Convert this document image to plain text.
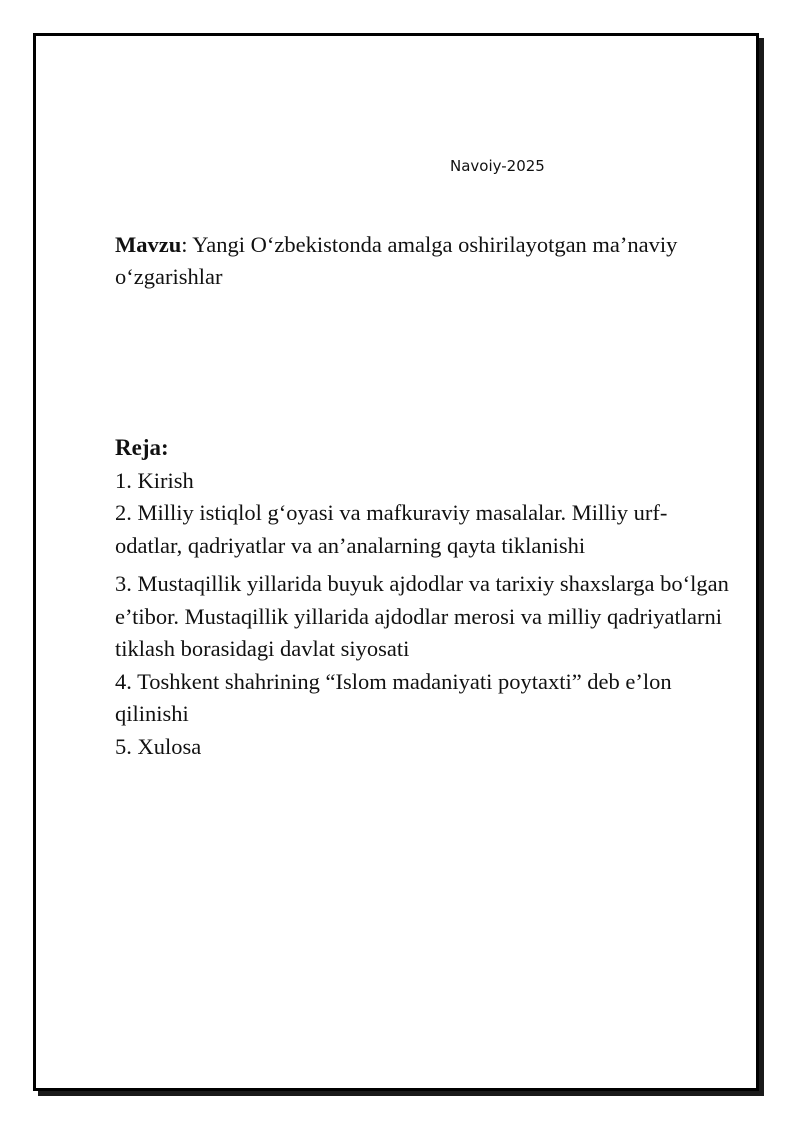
Navoiy-2025
Mavzu: Yangi O‘zbekistonda amalga oshirilayotgan ma’naviy o‘zgarishlar
Reja:

1. Kirish

2. Milliy istiqlol g‘oyasi va mafkuraviy masalalar. Milliy urf-odatlar, qadriyatlar va an’analarning qayta tiklanishi

3. Mustaqillik yillarida buyuk ajdodlar va tarixiy shaxslarga bo‘lgan e’tibor. Mustaqillik yillarida ajdodlar merosi va milliy qadriyatlarni tiklash borasidagi davlat siyosati

4. Toshkent shahrining “Islom madaniyati poytaxti” deb e’lon qilinishi

5. Xulosa
